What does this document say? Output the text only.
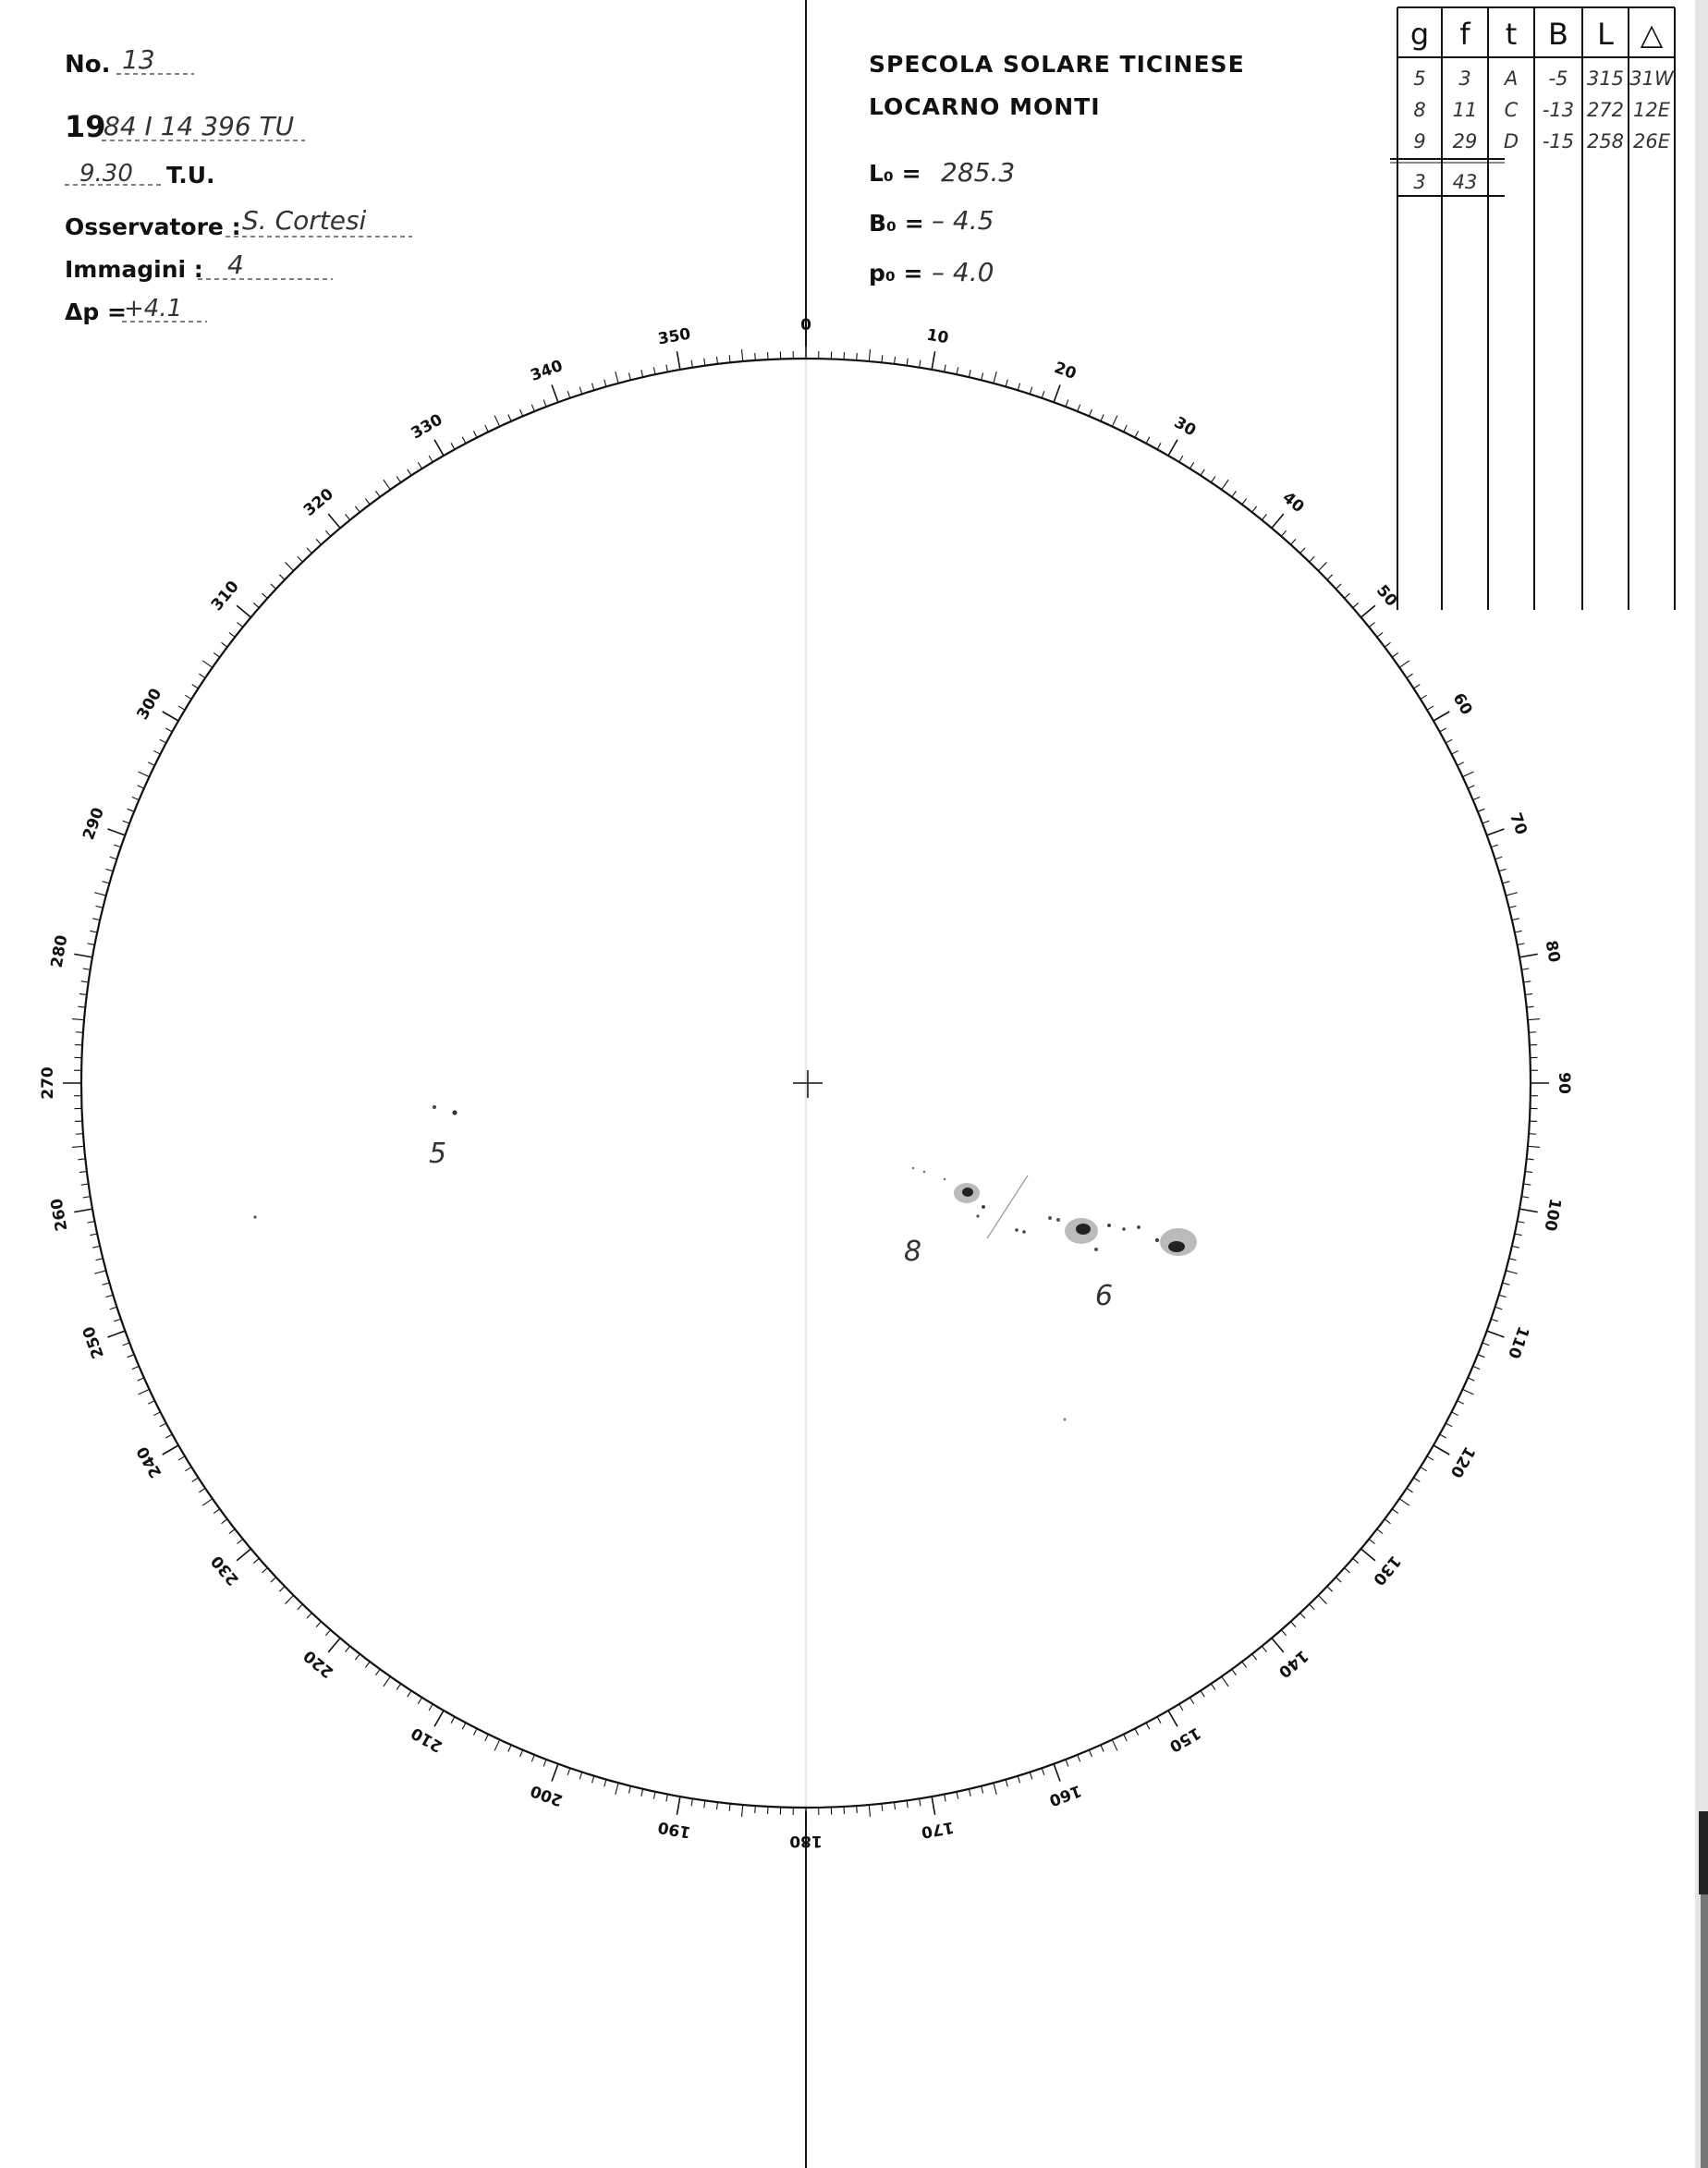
No. 13
19
84 I 14 396 TU
9.30 T.U.
Osservatore : S. Cortesi
Immagini : 4
Δp =
+4.1
SPECOLA SOLARE TICINESE
LOCARNO MONTI
L₀ = 285.3
B₀ = – 4.5
p₀ = – 4.0
g f t B L △
5 3 A -5 315 31W
8 11 C -13 272 12E
9 29 D -15 258 26E
3 43
0
10
20
30
40
50
60
70
80
90
100
110
120
130
140
150
160
170
180
190
200
210
220
230
240
250
260
270
280
290
300
310
320
330
340
350
5
8
9
